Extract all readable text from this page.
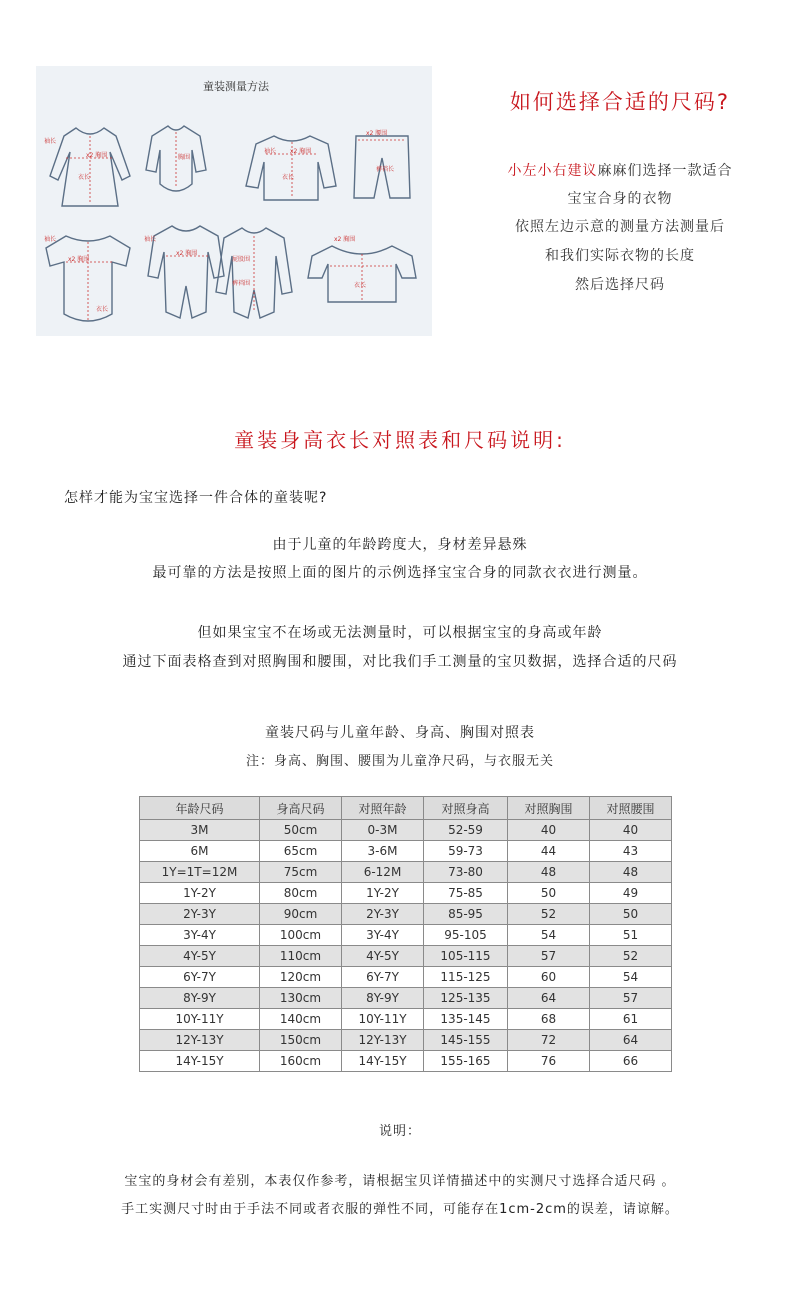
童装测量方法
袖长
x2 胸围
衣长
胸围
袖长 x2 胸围
衣长
x2 腰围
裤裆长
袖长
x2 胸围
衣长
袖长
x2 胸围
屁股围
裤裆围
x2 胸围
衣长
如何选择合适的尺码?
小左小右建议麻麻们选择一款适合
宝宝合身的衣物
依照左边示意的测量方法测量后
和我们实际衣物的长度
然后选择尺码
童装身高衣长对照表和尺码说明:
怎样才能为宝宝选择一件合体的童装呢?
由于儿童的年龄跨度大，身材差异悬殊
最可靠的方法是按照上面的图片的示例选择宝宝合身的同款衣衣进行测量。
但如果宝宝不在场或无法测量时，可以根据宝宝的身高或年龄
通过下面表格查到对照胸围和腰围，对比我们手工测量的宝贝数据，选择合适的尺码
童装尺码与儿童年龄、身高、胸围对照表
注：身高、胸围、腰围为儿童净尺码，与衣服无关
年龄尺码	身高尺码	对照年龄	对照身高	对照胸围	对照腰围
3M	50cm	0-3M	52-59	40	40
6M	65cm	3-6M	59-73	44	43
1Y=1T=12M	75cm	6-12M	73-80	48	48
1Y-2Y	80cm	1Y-2Y	75-85	50	49
2Y-3Y	90cm	2Y-3Y	85-95	52	50
3Y-4Y	100cm	3Y-4Y	95-105	54	51
4Y-5Y	110cm	4Y-5Y	105-115	57	52
6Y-7Y	120cm	6Y-7Y	115-125	60	54
8Y-9Y	130cm	8Y-9Y	125-135	64	57
10Y-11Y	140cm	10Y-11Y	135-145	68	61
12Y-13Y	150cm	12Y-13Y	145-155	72	64
14Y-15Y	160cm	14Y-15Y	155-165	76	66
说明：
宝宝的身材会有差别，本表仅作参考，请根据宝贝详情描述中的实测尺寸选择合适尺码 。
手工实测尺寸时由于手法不同或者衣服的弹性不同，可能存在1cm-2cm的误差，请谅解。
